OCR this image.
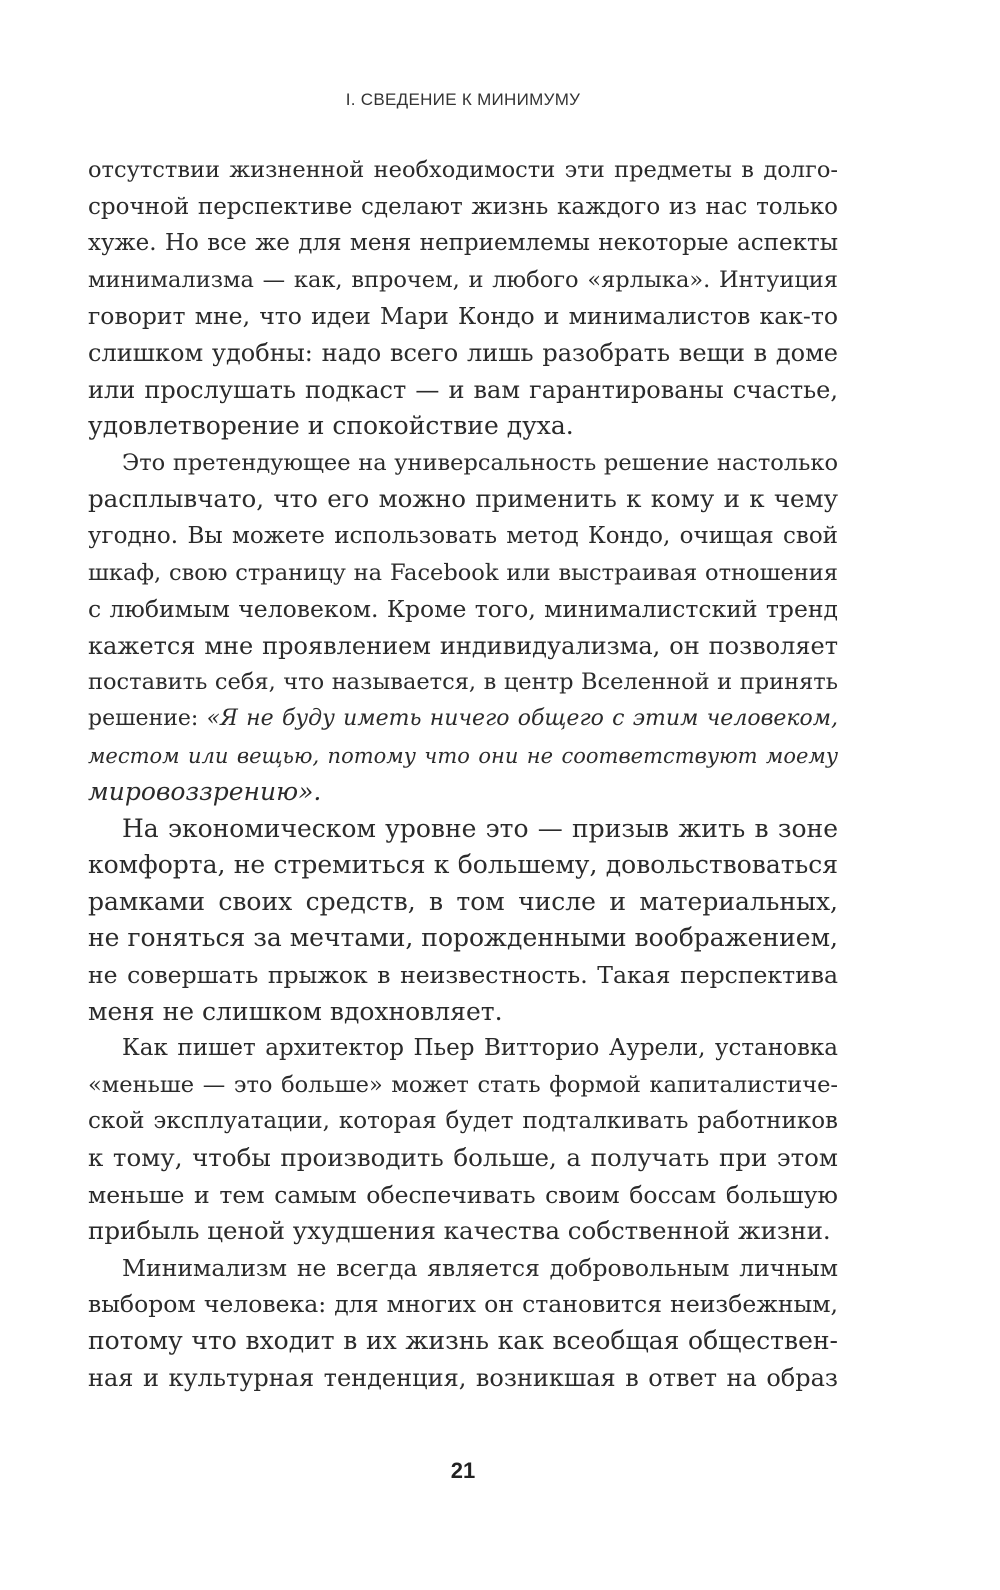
I. СВЕДЕНИЕ К МИНИМУМУ
отсутствии жизненной необходимости эти предметы в долго-
срочной перспективе сделают жизнь каждого из нас только
хуже. Но все же для меня неприемлемы некоторые аспекты
минимализма — как, впрочем, и любого «ярлыка». Интуиция
говорит мне, что идеи Мари Кондо и минималистов как-то
слишком удобны: надо всего лишь разобрать вещи в доме
или прослушать подкаст — и вам гарантированы счастье,
удовлетворение и спокойствие духа.
Это претендующее на универсальность решение настолько
расплывчато, что его можно применить к кому и к чему
угодно. Вы можете использовать метод Кондо, очищая свой
шкаф, свою страницу на Facebook или выстраивая отношения
с любимым человеком. Кроме того, минималистский тренд
кажется мне проявлением индивидуализма, он позволяет
поставить себя, что называется, в центр Вселенной и принять
решение: «Я не буду иметь ничего общего с этим человеком,
местом или вещью, потому что они не соответствуют моему
мировоззрению».
На экономическом уровне это — призыв жить в зоне
комфорта, не стремиться к большему, довольствоваться
рамками своих средств, в том числе и материальных,
не гоняться за мечтами, порожденными воображением,
не совершать прыжок в неизвестность. Такая перспектива
меня не слишком вдохновляет.
Как пишет архитектор Пьер Витторио Аурели, установка
«меньше — это больше» может стать формой капиталистиче-
ской эксплуатации, которая будет подталкивать работников
к тому, чтобы производить больше, а получать при этом
меньше и тем самым обеспечивать своим боссам большую
прибыль ценой ухудшения качества собственной жизни.
Минимализм не всегда является добровольным личным
выбором человека: для многих он становится неизбежным,
потому что входит в их жизнь как всеобщая обществен-
ная и культурная тенденция, возникшая в ответ на образ
21
